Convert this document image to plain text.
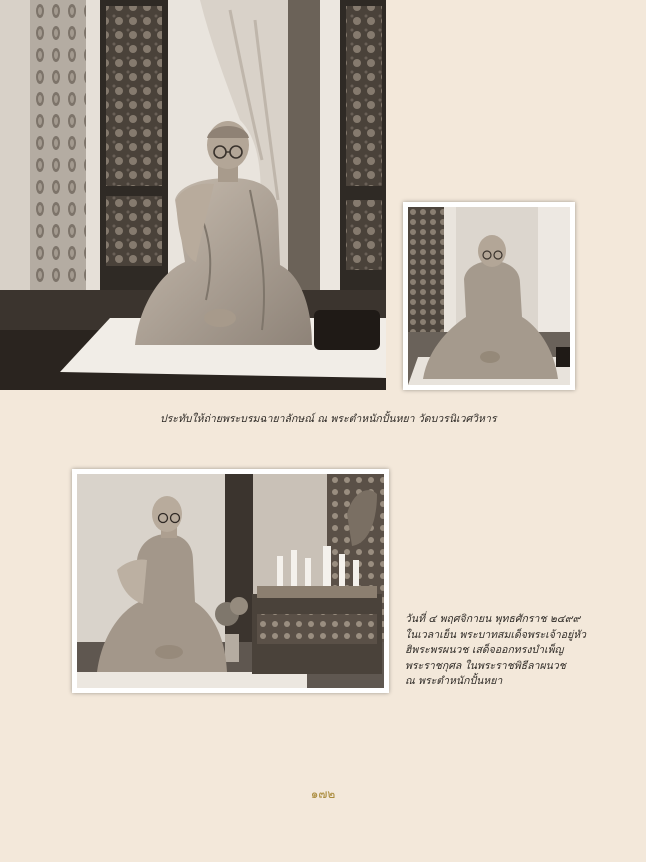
ประทับให้ถ่ายพระบรมฉายาลักษณ์ ณ พระตำหนักปั้นหยา วัดบวรนิเวศวิหาร
วันที่ ๔ พฤศจิกายน พุทธศักราช ๒๔๙๙
ในเวลาเย็น พระบาทสมเด็จพระเจ้าอยู่หัว
ฮิพระพรผนวช เสด็จออกทรงบำเพ็ญ
พระราชกุศล ในพระราชพิธีลาผนวช
ณ พระตำหนักปั้นหยา
๑๗๒
